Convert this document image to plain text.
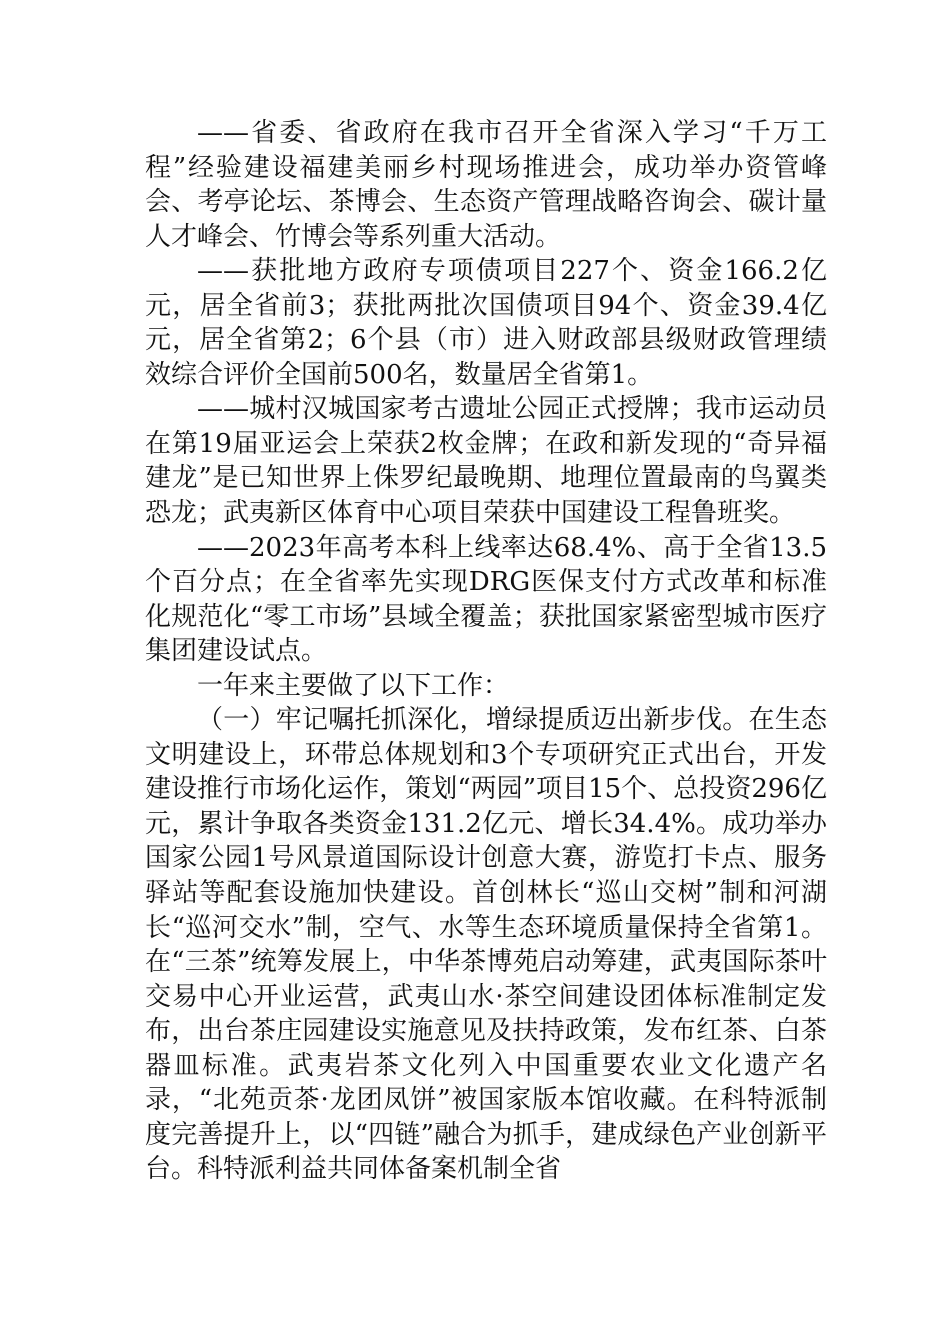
——省委、省政府在我市召开全省深入学习“千万工程”经验建设福建美丽乡村现场推进会，成功举办资管峰会、考亭论坛、茶博会、生态资产管理战略咨询会、碳计量人才峰会、竹博会等系列重大活动。

——获批地方政府专项债项目227个、资金166.2亿元，居全省前3；获批两批次国债项目94个、资金39.4亿元，居全省第2；6个县（市）进入财政部县级财政管理绩效综合评价全国前500名，数量居全省第1。

——城村汉城国家考古遗址公园正式授牌；我市运动员在第19届亚运会上荣获2枚金牌；在政和新发现的“奇异福建龙”是已知世界上侏罗纪最晚期、地理位置最南的鸟翼类恐龙；武夷新区体育中心项目荣获中国建设工程鲁班奖。

——2023年高考本科上线率达68.4%、高于全省13.5个百分点；在全省率先实现DRG医保支付方式改革和标准化规范化“零工市场”县域全覆盖；获批国家紧密型城市医疗集团建设试点。

一年来主要做了以下工作：

（一）牢记嘱托抓深化，增绿提质迈出新步伐。在生态文明建设上，环带总体规划和3个专项研究正式出台，开发建设推行市场化运作，策划“两园”项目15个、总投资296亿元，累计争取各类资金131.2亿元、增长34.4%。成功举办国家公园1号风景道国际设计创意大赛，游览打卡点、服务驿站等配套设施加快建设。首创林长“巡山交树”制和河湖长“巡河交水”制，空气、水等生态环境质量保持全省第1。在“三茶”统筹发展上，中华茶博苑启动筹建，武夷国际茶叶交易中心开业运营，武夷山水·茶空间建设团体标准制定发布，出台茶庄园建设实施意见及扶持政策，发布红茶、白茶器皿标准。武夷岩茶文化列入中国重要农业文化遗产名录，“北苑贡茶·龙团凤饼”被国家版本馆收藏。在科特派制度完善提升上，以“四链”融合为抓手，建成绿色产业创新平台。科特派利益共同体备案机制全省
